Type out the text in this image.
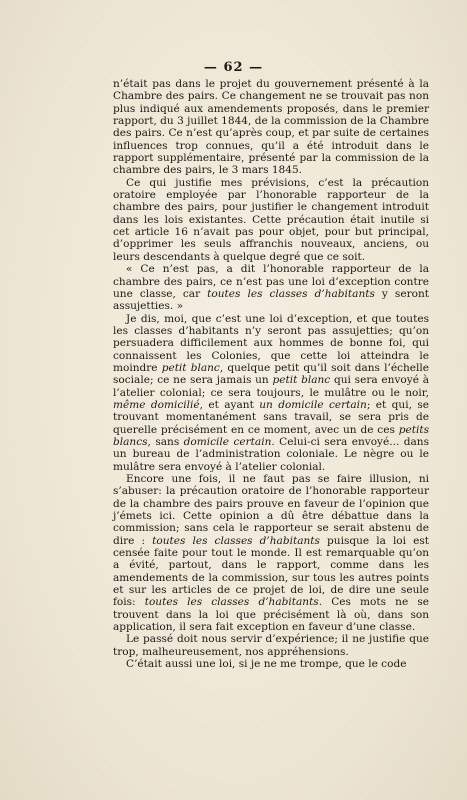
— 62 —

n’était pas dans le projet du gouvernement présenté à la Chambre des pairs. Ce changement ne se trouvait pas non plus indiqué aux amendements proposés, dans le premier rapport, du 3 juillet 1844, de la commission de la Chambre des pairs. Ce n’est qu’après coup, et par suite de certaines influences trop connues, qu’il a été introduit dans le rapport supplémentaire, présenté par la commission de la chambre des pairs, le 3 mars 1845.

Ce qui justifie mes prévisions, c’est la précaution oratoire employée par l’honorable rapporteur de la chambre des pairs, pour justifier le changement introduit dans les lois existantes. Cette précaution était inutile si cet article 16 n’avait pas pour objet, pour but principal, d’opprimer les seuls affranchis nouveaux, anciens, ou leurs descendants à quelque degré que ce soit.

« Ce n’est pas, a dit l’honorable rapporteur de la chambre des pairs, ce n’est pas une loi d’exception contre une classe, car toutes les classes d’habitants y seront assujetties. »

Je dis, moi, que c’est une loi d’exception, et que toutes les classes d’habitants n’y seront pas assujetties; qu’on persuadera difficilement aux hommes de bonne foi, qui connaissent les Colonies, que cette loi atteindra le moindre petit blanc, quelque petit qu’il soit dans l’échelle sociale; ce ne sera jamais un petit blanc qui sera envoyé à l’atelier colonial; ce sera toujours, le mulâtre ou le noir, même domicilié, et ayant un domicile certain; et qui, se trouvant momentanément sans travail, se sera pris de querelle précisément en ce moment, avec un de ces petits blancs, sans domicile certain. Celui-ci sera envoyé... dans un bureau de l’administration coloniale. Le nègre ou le mulâtre sera envoyé à l’atelier colonial.

Encore une fois, il ne faut pas se faire illusion, ni s’abuser: la précaution oratoire de l’honorable rapporteur de la chambre des pairs prouve en faveur de l’opinion que j’émets ici. Cette opinion a dû être débattue dans la commission; sans cela le rapporteur se serait abstenu de dire : toutes les classes d’habitants puisque la loi est censée faite pour tout le monde. Il est remarquable qu’on a évité, partout, dans le rapport, comme dans les amendements de la commission, sur tous les autres points et sur les articles de ce projet de loi, de dire une seule fois: toutes les classes d’habitants. Ces mots ne se trouvent dans la loi que précisément là où, dans son application, il sera fait exception en faveur d’une classe.

Le passé doit nous servir d’expérience; il ne justifie que trop, malheureusement, nos appréhensions.

C’était aussi une loi, si je ne me trompe, que le code
